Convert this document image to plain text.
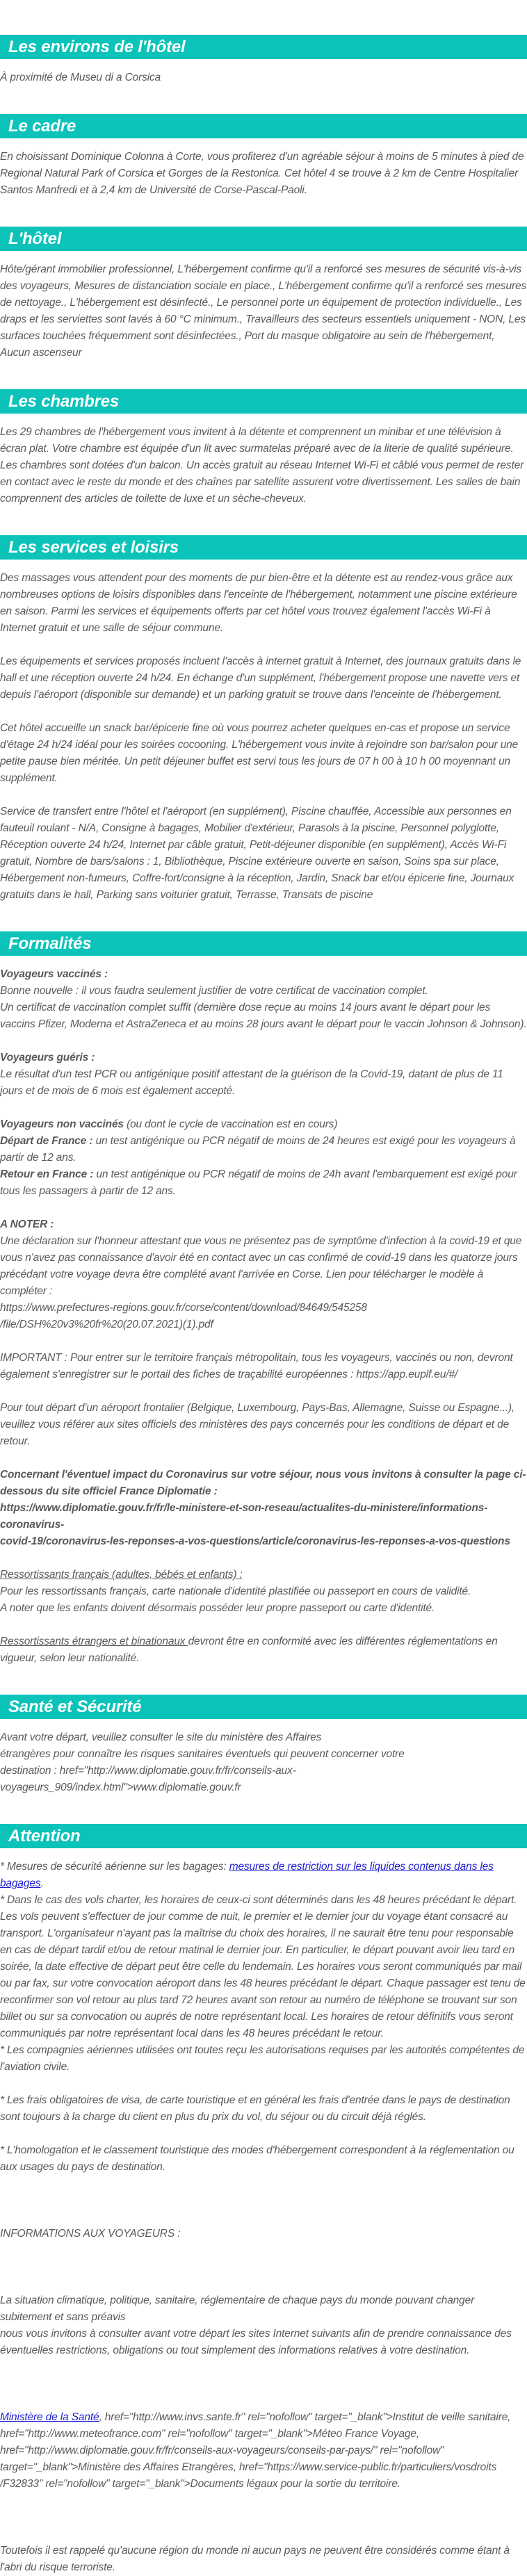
Les environs de l'hôtel

À proximité de Museu di a Corsica

Le cadre

En choisissant Dominique Colonna à Corte, vous profiterez d'un agréable séjour à moins de 5 minutes à pied de Regional Natural Park of Corsica et Gorges de la Restonica. Cet hôtel 4 se trouve à 2 km de Centre Hospitalier Santos Manfredi et à 2,4 km de Université de Corse-Pascal-Paoli.

L'hôtel

Hôte/gérant immobilier professionnel, L'hébergement confirme qu'il a renforcé ses mesures de sécurité vis-à-vis des voyageurs, Mesures de distanciation sociale en place., L'hébergement confirme qu'il a renforcé ses mesures de nettoyage., L'hébergement est désinfecté., Le personnel porte un équipement de protection individuelle., Les draps et les serviettes sont lavés à 60 °C minimum., Travailleurs des secteurs essentiels uniquement - NON, Les surfaces touchées fréquemment sont désinfectées., Port du masque obligatoire au sein de l'hébergement, Aucun ascenseur

Les chambres

Les 29 chambres de l'hébergement vous invitent à la détente et comprennent un minibar et une télévision à écran plat. Votre chambre est équipée d'un lit avec surmatelas préparé avec de la literie de qualité supérieure. Les chambres sont dotées d'un balcon. Un accès gratuit au réseau Internet Wi-Fi et câblé vous permet de rester en contact avec le reste du monde et des chaînes par satellite assurent votre divertissement. Les salles de bain comprennent des articles de toilette de luxe et un sèche-cheveux.

Les services et loisirs

Des massages vous attendent pour des moments de pur bien-être et la détente est au rendez-vous grâce aux nombreuses options de loisirs disponibles dans l'enceinte de l'hébergement, notamment une piscine extérieure en saison. Parmi les services et équipements offerts par cet hôtel vous trouvez également l'accès Wi-Fi à Internet gratuit et une salle de séjour commune.

Les équipements et services proposés incluent l'accès à internet gratuit à Internet, des journaux gratuits dans le hall et une réception ouverte 24 h/24. En échange d'un supplément, l'hébergement propose une navette vers et depuis l'aéroport (disponible sur demande) et un parking gratuit se trouve dans l'enceinte de l'hébergement.

Cet hôtel accueille un snack bar/épicerie fine où vous pourrez acheter quelques en-cas et propose un service d'étage 24 h/24 idéal pour les soirées cocooning. L'hébergement vous invite à rejoindre son bar/salon pour une petite pause bien méritée. Un petit déjeuner buffet est servi tous les jours de 07 h 00 à 10 h 00 moyennant un supplément.

Service de transfert entre l'hôtel et l'aéroport (en supplément), Piscine chauffée, Accessible aux personnes en fauteuil roulant - N/A, Consigne à bagages, Mobilier d'extérieur, Parasols à la piscine, Personnel polyglotte, Réception ouverte 24 h/24, Internet par câble gratuit, Petit-déjeuner disponible (en supplément), Accès Wi-Fi gratuit, Nombre de bars/salons : 1, Bibliothèque, Piscine extérieure ouverte en saison, Soins spa sur place, Hébergement non-fumeurs, Coffre-fort/consigne à la réception, Jardin, Snack bar et/ou épicerie fine, Journaux gratuits dans le hall, Parking sans voiturier gratuit, Terrasse, Transats de piscine

Formalités

Voyageurs vaccinés :
Bonne nouvelle : il vous faudra seulement justifier de votre certificat de vaccination complet.
Un certificat de vaccination complet suffit (dernière dose reçue au moins 14 jours avant le départ pour les vaccins Pfizer, Moderna et AstraZeneca et au moins 28 jours avant le départ pour le vaccin Johnson & Johnson).

Voyageurs guéris :
Le résultat d'un test PCR ou antigénique positif attestant de la guérison de la Covid-19, datant de plus de 11 jours et de mois de 6 mois est également accepté.

Voyageurs non vaccinés (ou dont le cycle de vaccination est en cours)
Départ de France : un test antigénique ou PCR négatif de moins de 24 heures est exigé pour les voyageurs à partir de 12 ans.
Retour en France : un test antigénique ou PCR négatif de moins de 24h avant l'embarquement est exigé pour tous les passagers à partir de 12 ans.

A NOTER :
Une déclaration sur l'honneur attestant que vous ne présentez pas de symptôme d'infection à la covid-19 et que vous n'avez pas connaissance d'avoir été en contact avec un cas confirmé de covid-19 dans les quatorze jours précédant votre voyage devra être complété avant l'arrivée en Corse. Lien pour télécharger le modèle à compléter :
https://www.prefectures-regions.gouv.fr/corse/content/download/84649/545258
/file/DSH%20v3%20fr%20(20.07.2021)(1).pdf

IMPORTANT : Pour entrer sur le territoire français métropolitain, tous les voyageurs, vaccinés ou non, devront également s'enregistrer sur le portail des fiches de traçabilité européennes : https://app.euplf.eu/#/

Pour tout départ d'un aéroport frontalier (Belgique, Luxembourg, Pays-Bas, Allemagne, Suisse ou Espagne...), veuillez vous référer aux sites officiels des ministères des pays concernés pour les conditions de départ et de retour.

Concernant l'éventuel impact du Coronavirus sur votre séjour, nous vous invitons à consulter la page ci-dessous du site officiel France Diplomatie :
https://www.diplomatie.gouv.fr/fr/le-ministere-et-son-reseau/actualites-du-ministere/informations-coronavirus-
covid-19/coronavirus-les-reponses-a-vos-questions/article/coronavirus-les-reponses-a-vos-questions

Ressortissants français (adultes, bébés et enfants) :
Pour les ressortissants français, carte nationale d'identité plastifiée ou passeport en cours de validité.
A noter que les enfants doivent désormais posséder leur propre passeport ou carte d'identité.

Ressortissants étrangers et binationaux devront être en conformité avec les différentes réglementations en vigueur, selon leur nationalité.

Santé et Sécurité

Avant votre départ, veuillez consulter le site du ministère des Affaires
étrangères pour connaître les risques sanitaires éventuels qui peuvent concerner votre
destination : href="http://www.diplomatie.gouv.fr/fr/conseils-aux-voyageurs_909/index.html">www.diplomatie.gouv.fr

Attention

* Mesures de sécurité aérienne sur les bagages: mesures de restriction sur les liquides contenus dans les bagages.

* Dans le cas des vols charter, les horaires de ceux-ci sont déterminés dans les 48 heures précédant le départ. Les vols peuvent s'effectuer de jour comme de nuit, le premier et le dernier jour du voyage étant consacré au transport. L'organisateur n'ayant pas la maîtrise du choix des horaires, il ne saurait être tenu pour responsable en cas de départ tardif et/ou de retour matinal le dernier jour. En particulier, le départ pouvant avoir lieu tard en soirée, la date effective de départ peut être celle du lendemain. Les horaires vous seront communiqués par mail ou par fax, sur votre convocation aéroport dans les 48 heures précédant le départ. Chaque passager est tenu de reconfirmer son vol retour au plus tard 72 heures avant son retour au numéro de téléphone se trouvant sur son billet ou sur sa convocation ou auprés de notre représentant local. Les horaires de retour définitifs vous seront communiqués par notre représentant local dans les 48 heures précédant le retour.

* Les compagnies aériennes utilisées ont toutes reçu les autorisations requises par les autorités compétentes de l'aviation civile.

* Les frais obligatoires de visa, de carte touristique et en général les frais d'entrée dans le pays de destination sont toujours à la charge du client en plus du prix du vol, du séjour ou du circuit déjà réglés.

* L'homologation et le classement touristique des modes d'hébergement correspondent à la réglementation ou aux usages du pays de destination.

INFORMATIONS AUX VOYAGEURS :

La situation climatique, politique, sanitaire, réglementaire de chaque pays du monde pouvant changer subitement et sans préavis
nous vous invitons à consulter avant votre départ les sites Internet suivants afin de prendre connaissance des éventuelles restrictions, obligations ou tout simplement des informations relatives à votre destination.

Ministère de la Santé, href="http://www.invs.sante.fr" rel="nofollow" target="_blank">Institut de veille sanitaire, href="http://www.meteofrance.com" rel="nofollow" target="_blank">Méteo France Voyage, href="http://www.diplomatie.gouv.fr/fr/conseils-aux-voyageurs/conseils-par-pays/" rel="nofollow" target="_blank">Ministère des Affaires Etrangères, href="https://www.service-public.fr/particuliers/vosdroits
/F32833" rel="nofollow" target="_blank">Documents légaux pour la sortie du territoire.

Toutefois il est rappelé qu'aucune région du monde ni aucun pays ne peuvent être considérés comme étant à l'abri du risque terroriste.
